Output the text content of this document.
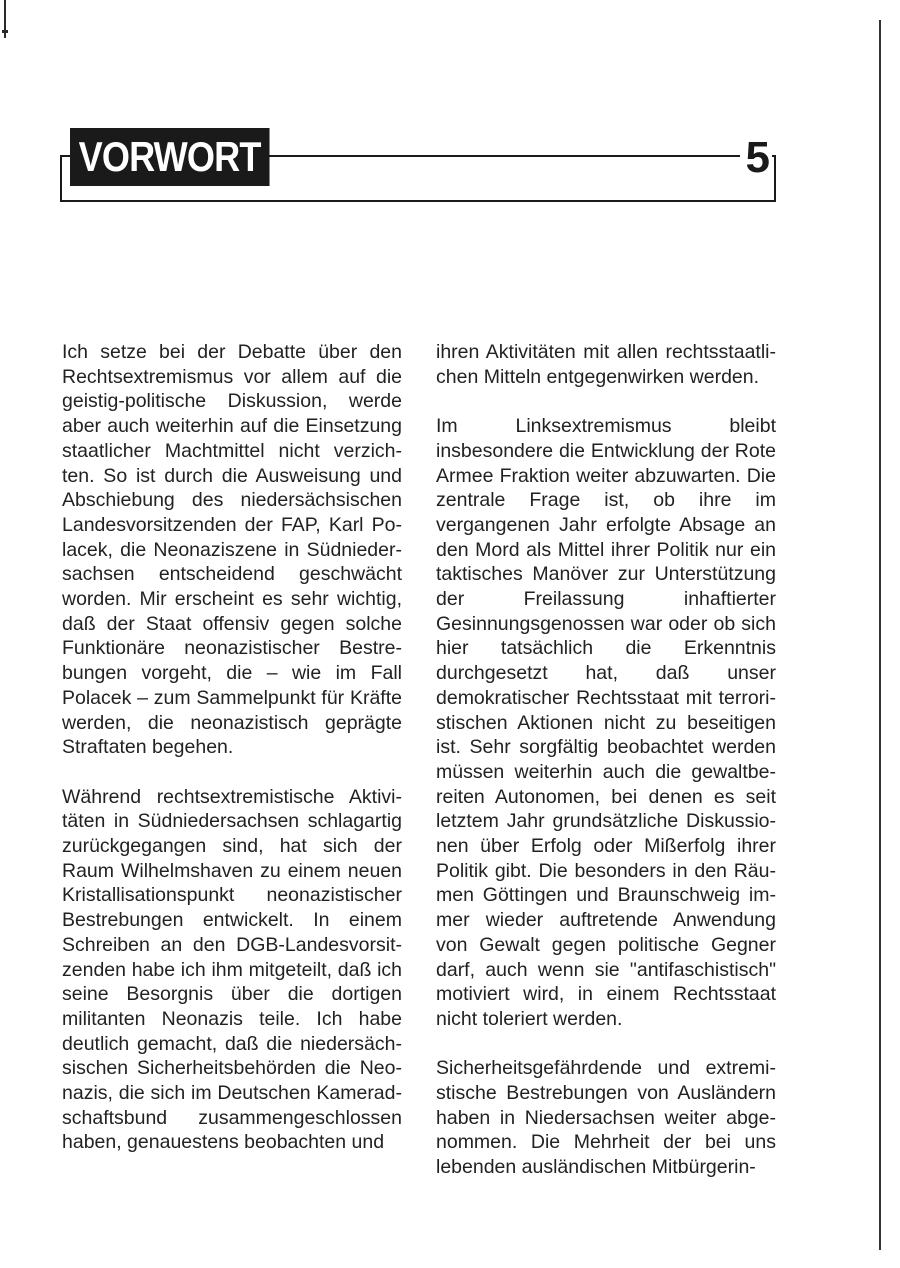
VORWORT	5

Ich setze bei der Debatte über den Rechtsextremismus vor allem auf die geistig-politische Diskussion, werde aber auch weiterhin auf die Einsetzung staatlicher Machtmittel nicht verzichten. So ist durch die Ausweisung und Abschiebung des niedersächsischen Landesvorsitzenden der FAP, Karl Polacek, die Neonaziszene in Südniedersachsen entscheidend geschwächt worden. Mir erscheint es sehr wichtig, daß der Staat offensiv gegen solche Funktionäre neonazistischer Bestrebungen vorgeht, die – wie im Fall Polacek – zum Sammelpunkt für Kräfte werden, die neonazistisch geprägte Straftaten begehen.

Während rechtsextremistische Aktivitäten in Südniedersachsen schlagartig zurückgegangen sind, hat sich der Raum Wilhelmshaven zu einem neuen Kristallisationspunkt neonazistischer Bestrebungen entwickelt. In einem Schreiben an den DGB-Landesvorsitzenden habe ich ihm mitgeteilt, daß ich seine Besorgnis über die dortigen militanten Neonazis teile. Ich habe deutlich gemacht, daß die niedersächsischen Sicherheitsbehörden die Neonazis, die sich im Deutschen Kameradschaftsbund zusammengeschlossen haben, genauestens beobachten und

ihren Aktivitäten mit allen rechtsstaatlichen Mitteln entgegenwirken werden.

Im Linksextremismus bleibt insbesondere die Entwicklung der Rote Armee Fraktion weiter abzuwarten. Die zentrale Frage ist, ob ihre im vergangenen Jahr erfolgte Absage an den Mord als Mittel ihrer Politik nur ein taktisches Manöver zur Unterstützung der Freilassung inhaftierter Gesinnungsgenossen war oder ob sich hier tatsächlich die Erkenntnis durchgesetzt hat, daß unser demokratischer Rechtsstaat mit terroristischen Aktionen nicht zu beseitigen ist. Sehr sorgfältig beobachtet werden müssen weiterhin auch die gewaltbereiten Autonomen, bei denen es seit letztem Jahr grundsätzliche Diskussionen über Erfolg oder Mißerfolg ihrer Politik gibt. Die besonders in den Räumen Göttingen und Braunschweig immer wieder auftretende Anwendung von Gewalt gegen politische Gegner darf, auch wenn sie "antifaschistisch" motiviert wird, in einem Rechtsstaat nicht toleriert werden.

Sicherheitsgefährdende und extremistische Bestrebungen von Ausländern haben in Niedersachsen weiter abgenommen. Die Mehrheit der bei uns lebenden ausländischen Mitbürgerin-
